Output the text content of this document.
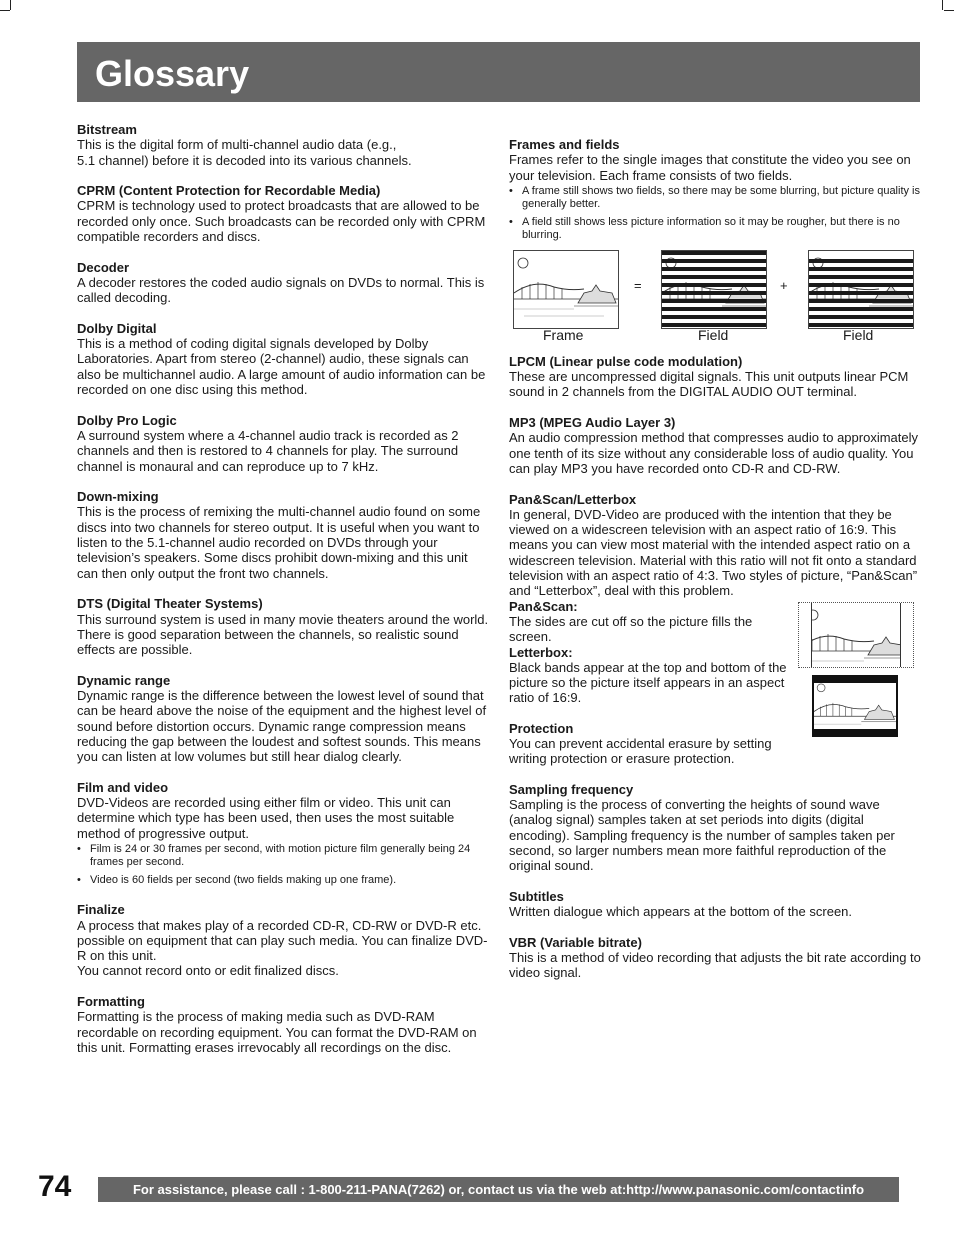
Glossary

Bitstream

This is the digital form of multi-channel audio data (e.g.,
5.1 channel) before it is decoded into its various channels.

CPRM (Content Protection for Recordable Media)

CPRM is technology used to protect broadcasts that are allowed to be recorded only once. Such broadcasts can be recorded only with CPRM compatible recorders and discs.

Decoder

A decoder restores the coded audio signals on DVDs to normal. This is called decoding.

Dolby Digital

This is a method of coding digital signals developed by Dolby Laboratories. Apart from stereo (2-channel) audio, these signals can also be multichannel audio. A large amount of audio information can be recorded on one disc using this method.

Dolby Pro Logic

A surround system where a 4-channel audio track is recorded as 2 channels and then is restored to 4 channels for play. The surround channel is monaural and can reproduce up to 7 kHz.

Down-mixing

This is the process of remixing the multi-channel audio found on some discs into two channels for stereo output. It is useful when you want to listen to the 5.1-channel audio recorded on DVDs through your television’s speakers. Some discs prohibit down-mixing and this unit can then only output the front two channels.

DTS (Digital Theater Systems)

This surround system is used in many movie theaters around the world. There is good separation between the channels, so realistic sound effects are possible.

Dynamic range

Dynamic range is the difference between the lowest level of sound that can be heard above the noise of the equipment and the highest level of sound before distortion occurs. Dynamic range compression means reducing the gap between the loudest and softest sounds. This means you can listen at low volumes but still hear dialog clearly.

Film and video

DVD-Videos are recorded using either film or video. This unit can determine which type has been used, then uses the most suitable method of progressive output.

• Film is 24 or 30 frames per second, with motion picture film generally being 24 frames per second.
• Video is 60 fields per second (two fields making up one frame).

Finalize

A process that makes play of a recorded CD-R, CD-RW or DVD-R etc. possible on equipment that can play such media. You can finalize DVD-R on this unit.
You cannot record onto or edit finalized discs.

Formatting

Formatting is the process of making media such as DVD-RAM recordable on recording equipment. You can format the DVD-RAM on this unit. Formatting erases irrevocably all recordings on the disc.

Frames and fields

Frames refer to the single images that constitute the video you see on your television. Each frame consists of two fields.

• A frame still shows two fields, so there may be some blurring, but picture quality is generally better.
• A field still shows less picture information so it may be rougher, but there is no blurring.
=	+
Frame	Field	Field

LPCM (Linear pulse code modulation)

These are uncompressed digital signals. This unit outputs linear PCM sound in 2 channels from the DIGITAL AUDIO OUT terminal.

MP3 (MPEG Audio Layer 3)

An audio compression method that compresses audio to approximately one tenth of its size without any considerable loss of audio quality. You can play MP3 you have recorded onto CD-R and CD-RW.

Pan&Scan/Letterbox

In general, DVD-Video are produced with the intention that they be viewed on a widescreen television with an aspect ratio of 16:9. This means you can view most material with the intended aspect ratio on a widescreen television. Material with this ratio will not fit onto a standard television with an aspect ratio of 4:3. Two styles of picture, “Pan&Scan” and “Letterbox”, deal with this problem.

Pan&Scan:

The sides are cut off so the picture fills the screen.

Letterbox:

Black bands appear at the top and bottom of the picture so the picture itself appears in an aspect ratio of 16:9.

Protection

You can prevent accidental erasure by setting writing protection or erasure protection.

Sampling frequency

Sampling is the process of converting the heights of sound wave (analog signal) samples taken at set periods into digits (digital encoding). Sampling frequency is the number of samples taken per second, so larger numbers mean more faithful reproduction of the original sound.

Subtitles

Written dialogue which appears at the bottom of the screen.

VBR (Variable bitrate)

This is a method of video recording that adjusts the bit rate according to video signal.

74	For assistance, please call : 1-800-211-PANA(7262) or, contact us via the web at:http://www.panasonic.com/contactinfo
